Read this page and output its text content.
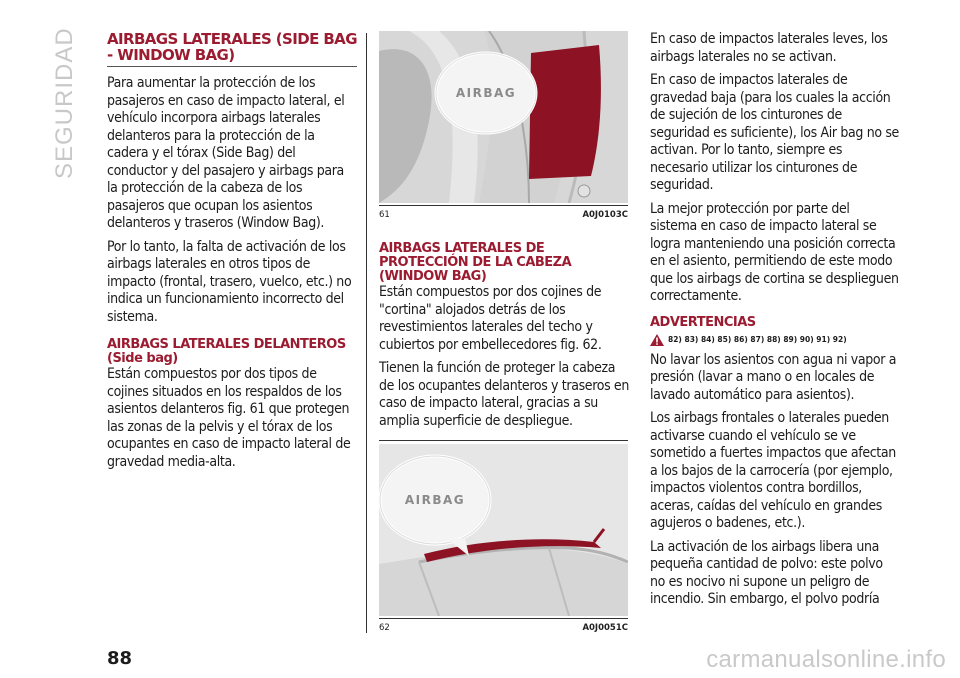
SEGURIDAD AIRBAGS LATERALES (SIDE BAG - WINDOW BAG)

Para aumentar la protección de los pasajeros en caso de impacto lateral, el vehículo incorpora airbags laterales delanteros para la protección de la cadera y el tórax (Side Bag) del conductor y del pasajero y airbags para la protección de la cabeza de los pasajeros que ocupan los asientos delanteros y traseros (Window Bag).

Por lo tanto, la falta de activación de los airbags laterales en otros tipos de impacto (frontal, trasero, vuelco, etc.) no indica un funcionamiento incorrecto del sistema.

AIRBAGS LATERALES DELANTEROS (Side bag)

Están compuestos por dos tipos de cojines situados en los respaldos de los asientos delanteros fig. 61 que protegen las zonas de la pelvis y el tórax de los ocupantes en caso de impacto lateral de gravedad media-alta.

AIRBAG
61	A0J0103C
AIRBAGS LATERALES DE PROTECCIÓN DE LA CABEZA (WINDOW BAG)

Están compuestos por dos cojines de "cortina" alojados detrás de los revestimientos laterales del techo y cubiertos por embellecedores fig. 62.

Tienen la función de proteger la cabeza de los ocupantes delanteros y traseros en caso de impacto lateral, gracias a su amplia superficie de despliegue.

AIRBAG
62	A0J0051C

En caso de impactos laterales leves, los airbags laterales no se activan.

En caso de impactos laterales de gravedad baja (para los cuales la acción de sujeción de los cinturones de seguridad es suficiente), los Air bag no se activan. Por lo tanto, siempre es necesario utilizar los cinturones de seguridad.

La mejor protección por parte del sistema en caso de impacto lateral se logra manteniendo una posición correcta en el asiento, permitiendo de este modo que los airbags de cortina se desplieguen correctamente.

ADVERTENCIAS
82) 83) 84) 85) 86) 87) 88) 89) 90) 91) 92)

No lavar los asientos con agua ni vapor a presión (lavar a mano o en locales de lavado automático para asientos).

Los airbags frontales o laterales pueden activarse cuando el vehículo se ve sometido a fuertes impactos que afectan a los bajos de la carrocería (por ejemplo, impactos violentos contra bordillos, aceras, caídas del vehículo en grandes agujeros o badenes, etc.).

La activación de los airbags libera una pequeña cantidad de polvo: este polvo no es nocivo ni supone un peligro de incendio. Sin embargo, el polvo podría

88	carmanualsonline.info
